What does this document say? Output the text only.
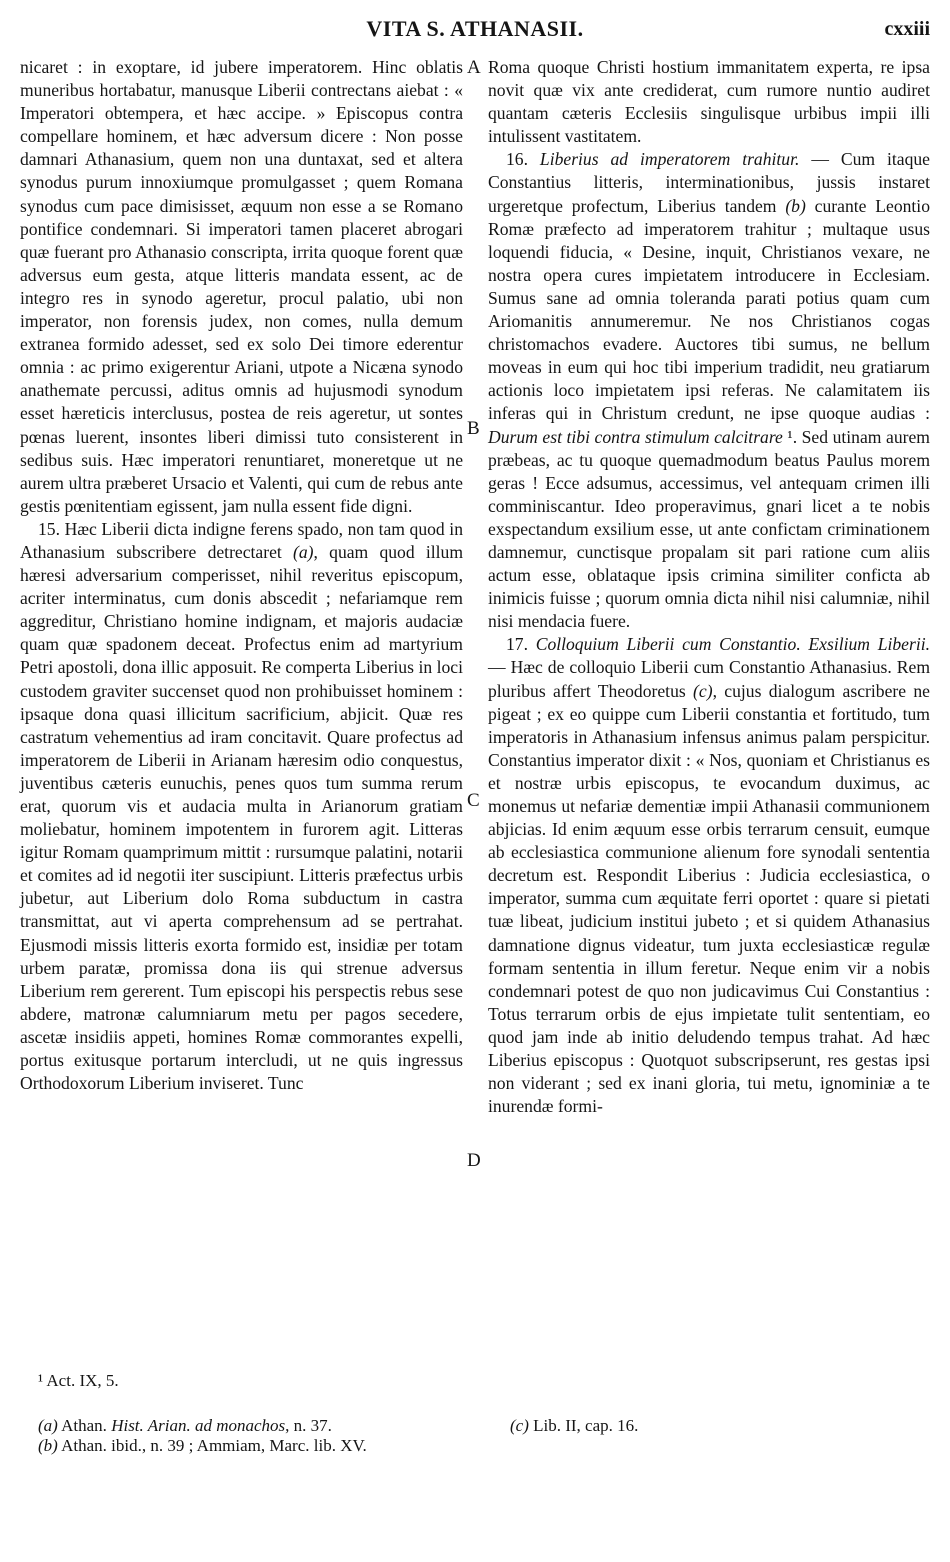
VITA S. ATHANASII.	cxxiii

nicaret : in exoptare, id jubere imperatorem. Hinc oblatis muneribus hortabatur, manusque Liberii contrectans aiebat : « Imperatori obtempera, et hæc accipe. » Episcopus contra compellare hominem, et hæc adversum dicere : Non posse damnari Athanasium, quem non una duntaxat, sed et altera synodus purum innoxiumque promulgasset ; quem Romana synodus cum pace dimisisset, æquum non esse a se Romano pontifice condemnari. Si imperatori tamen placeret abrogari quæ fuerant pro Athanasio conscripta, irrita quoque forent quæ adversus eum gesta, atque litteris mandata essent, ac de integro res in synodo ageretur, procul palatio, ubi non imperator, non forensis judex, non comes, nulla demum extranea formido adesset, sed ex solo Dei timore ederentur omnia : ac primo exigerentur Ariani, utpote a Nicæna synodo anathemate percussi, aditus omnis ad hujusmodi synodum esset hæreticis interclusus, postea de reis ageretur, ut sontes pœnas luerent, insontes liberi dimissi tuto consisterent in sedibus suis. Hæc imperatori renuntiaret, moneretque ut ne aurem ultra præberet Ursacio et Valenti, qui cum de rebus ante gestis pœnitentiam egissent, jam nulla essent fide digni.

15. Hæc Liberii dicta indigne ferens spado, non tam quod in Athanasium subscribere detrectaret (a), quam quod illum hæresi adversarium comperisset, nihil reveritus episcopum, acriter interminatus, cum donis abscedit ; nefariamque rem aggreditur, Christiano homine indignam, et majoris audaciæ quam quæ spadonem deceat. Profectus enim ad martyrium Petri apostoli, dona illic apposuit. Re comperta Liberius in loci custodem graviter succenset quod non prohibuisset hominem : ipsaque dona quasi illicitum sacrificium, abjicit. Quæ res castratum vehementius ad iram concitavit. Quare profectus ad imperatorem de Liberii in Arianam hæresim odio conquestus, juventibus cæteris eunuchis, penes quos tum summa rerum erat, quorum vis et audacia multa in Arianorum gratiam moliebatur, hominem impotentem in furorem agit. Litteras igitur Romam quamprimum mittit : rursumque palatini, notarii et comites ad id negotii iter suscipiunt. Litteris præfectus urbis jubetur, aut Liberium dolo Roma subductum in castra transmittat, aut vi aperta comprehensum ad se pertrahat. Ejusmodi missis litteris exorta formido est, insidiæ per totam urbem paratæ, promissa dona iis qui strenue adversus Liberium rem gererent. Tum episcopi his perspectis rebus sese abdere, matronæ calumniarum metu per pagos secedere, ascetæ insidiis appeti, homines Romæ commorantes expelli, portus exitusque portarum intercludi, ut ne quis ingressus Orthodoxorum Liberium inviseret. Tunc

A
B
C
D

Roma quoque Christi hostium immanitatem experta, re ipsa novit quæ vix ante crediderat, cum rumore nuntio audiret quantam cæteris Ecclesiis singulisque urbibus impii illi intulissent vastitatem.

16. Liberius ad imperatorem trahitur. — Cum itaque Constantius litteris, interminationibus, jussis instaret urgeretque profectum, Liberius tandem (b) curante Leontio Romæ præfecto ad imperatorem trahitur ; multaque usus loquendi fiducia, « Desine, inquit, Christianos vexare, ne nostra opera cures impietatem introducere in Ecclesiam. Sumus sane ad omnia toleranda parati potius quam cum Ariomanitis annumeremur. Ne nos Christianos cogas christomachos evadere. Auctores tibi sumus, ne bellum moveas in eum qui hoc tibi imperium tradidit, neu gratiarum actionis loco impietatem ipsi referas. Ne calamitatem iis inferas qui in Christum credunt, ne ipse quoque audias : Durum est tibi contra stimulum calcitrare ¹. Sed utinam aurem præbeas, ac tu quoque quemadmodum beatus Paulus morem geras ! Ecce adsumus, accessimus, vel antequam crimen illi comminiscantur. Ideo properavimus, gnari licet a te nobis exspectandum exsilium esse, ut ante confictam criminationem damnemur, cunctisque propalam sit pari ratione cum aliis actum esse, oblataque ipsis crimina similiter conficta ab inimicis fuisse ; quorum omnia dicta nihil nisi calumniæ, nihil nisi mendacia fuere.

17. Colloquium Liberii cum Constantio. Exsilium Liberii. — Hæc de colloquio Liberii cum Constantio Athanasius. Rem pluribus affert Theodoretus (c), cujus dialogum ascribere ne pigeat ; ex eo quippe cum Liberii constantia et fortitudo, tum imperatoris in Athanasium infensus animus palam perspicitur. Constantius imperator dixit : « Nos, quoniam et Christianus es et nostræ urbis episcopus, te evocandum duximus, ac monemus ut nefariæ dementiæ impii Athanasii communionem abjicias. Id enim æquum esse orbis terrarum censuit, eumque ab ecclesiastica communione alienum fore synodali sententia decretum est. Respondit Liberius : Judicia ecclesiastica, o imperator, summa cum æquitate ferri oportet : quare si pietati tuæ libeat, judicium institui jubeto ; et si quidem Athanasius damnatione dignus videatur, tum juxta ecclesiasticæ regulæ formam sententia in illum feretur. Neque enim vir a nobis condemnari potest de quo non judicavimus Cui Constantius : Totus terrarum orbis de ejus impietate tulit sententiam, eo quod jam inde ab initio deludendo tempus trahat. Ad hæc Liberius episcopus : Quotquot subscripserunt, res gestas ipsi non viderant ; sed ex inani gloria, tui metu, ignominiæ a te inurendæ formi-

¹ Act. IX, 5.
(a) Athan. Hist. Arian. ad monachos, n. 37.
(b) Athan. ibid., n. 39 ; Ammiam, Marc. lib. XV.
(c) Lib. II, cap. 16.
